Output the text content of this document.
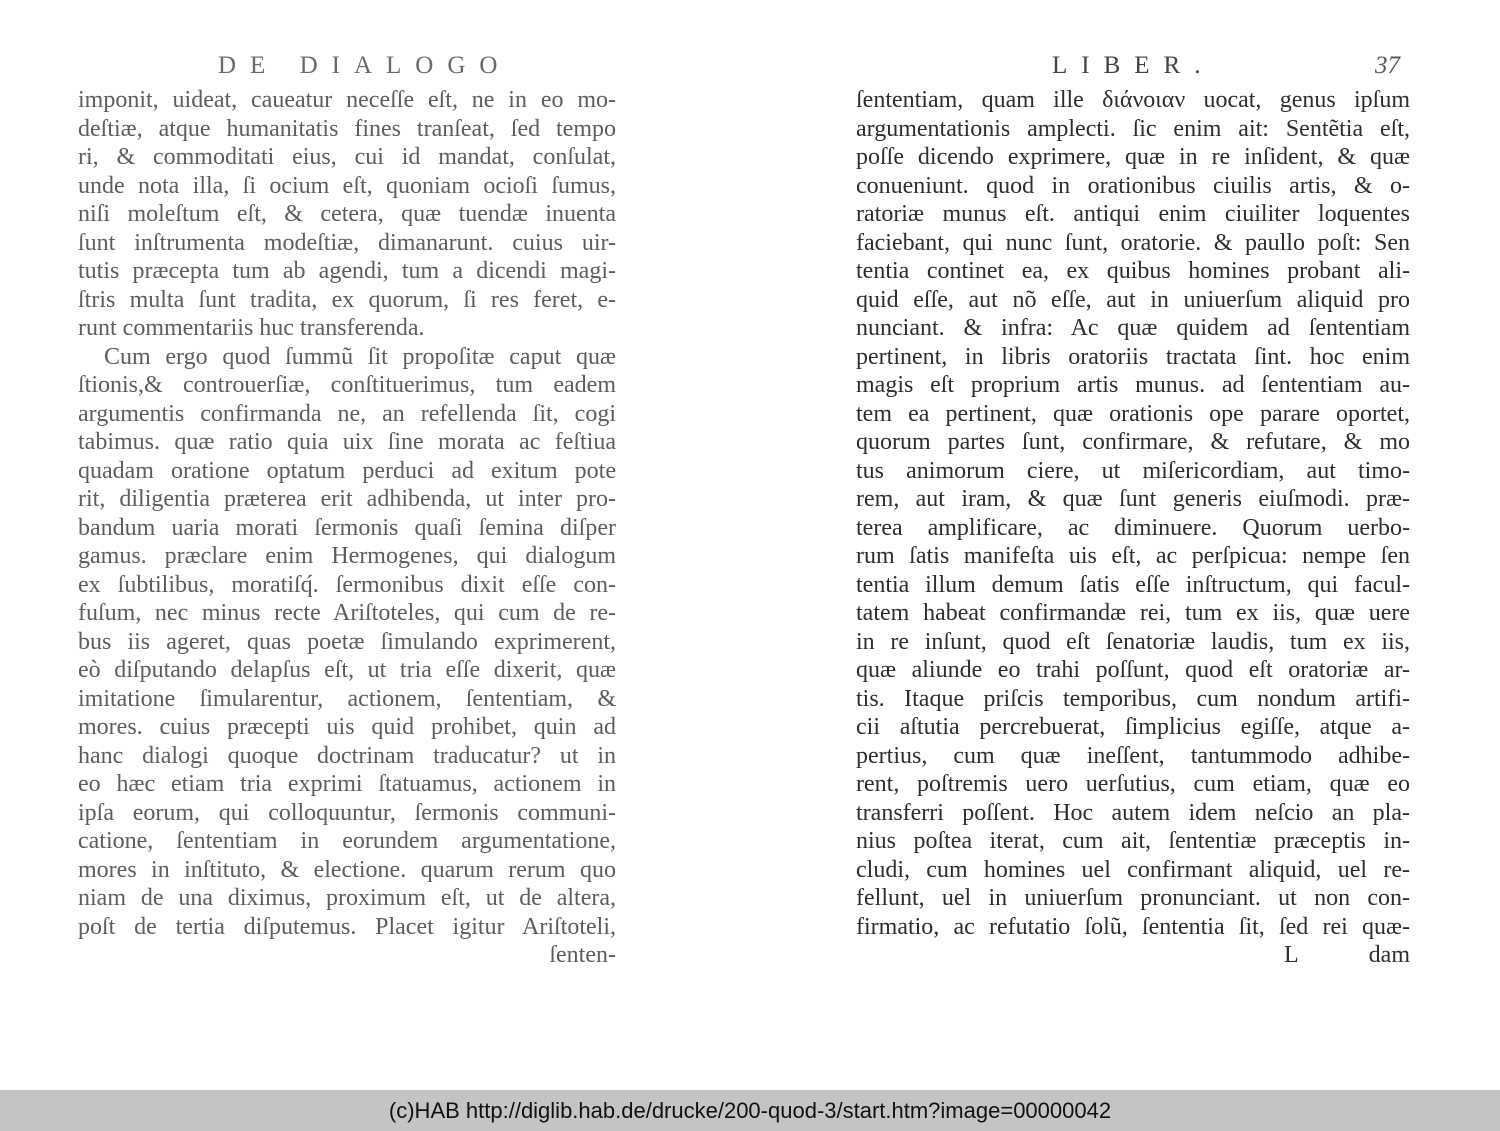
DE DIALOGO
imponit, uideat, caueatur neceſſe eſt, ne in eo mo-
deſtiæ, atque humanitatis fines tranſeat, ſed tempo
ri, & commoditati eius, cui id mandat, conſulat,
unde nota illa, ſi ocium eſt, quoniam ocioſi ſumus,
niſi moleſtum eſt, & cetera, quæ tuendæ inuenta
ſunt inſtrumenta modeſtiæ, dimanarunt. cuius uir-
tutis præcepta tum ab agendi, tum a dicendi magi-
ſtris multa ſunt tradita, ex quorum, ſi res feret, e-
runt commentariis huc transferenda.
Cum ergo quod ſummũ ſit propoſitæ caput quæ
ſtionis,& controuerſiæ, conſtituerimus, tum eadem
argumentis confirmanda ne, an refellenda ſit, cogi
tabimus. quæ ratio quia uix ſine morata ac feſtiua
quadam oratione optatum perduci ad exitum pote
rit, diligentia præterea erit adhibenda, ut inter pro-
bandum uaria morati ſermonis quaſi ſemina diſper
gamus. præclare enim Hermogenes, qui dialogum
ex ſubtilibus, moratiſq́. ſermonibus dixit eſſe con-
fuſum, nec minus recte Ariſtoteles, qui cum de re-
bus iis ageret, quas poetæ ſimulando exprimerent,
eò diſputando delapſus eſt, ut tria eſſe dixerit, quæ
imitatione ſimularentur, actionem, ſententiam, &
mores. cuius præcepti uis quid prohibet, quin ad
hanc dialogi quoque doctrinam traducatur? ut in
eo hæc etiam tria exprimi ſtatuamus, actionem in
ipſa eorum, qui colloquuntur, ſermonis communi-
catione, ſententiam in eorundem argumentatione,
mores in inſtituto, & electione. quarum rerum quo
niam de una diximus, proximum eſt, ut de altera,
poſt de tertia diſputemus. Placet igitur Ariſtoteli,
ſenten-
LIBER.	37
ſententiam, quam ille διάνοιαν uocat, genus ipſum
argumentationis amplecti. ſic enim ait: Sentẽtia eſt,
poſſe dicendo exprimere, quæ in re inſident, & quæ
conueniunt. quod in orationibus ciuilis artis, & o-
ratoriæ munus eſt. antiqui enim ciuiliter loquentes
faciebant, qui nunc ſunt, oratorie. & paullo poſt: Sen
tentia continet ea, ex quibus homines probant ali-
quid eſſe, aut nõ eſſe, aut in uniuerſum aliquid pro
nunciant. & infra: Ac quæ quidem ad ſententiam
pertinent, in libris oratoriis tractata ſint. hoc enim
magis eſt proprium artis munus. ad ſententiam au-
tem ea pertinent, quæ orationis ope parare oportet,
quorum partes ſunt, confirmare, & refutare, & mo
tus animorum ciere, ut miſericordiam, aut timo-
rem, aut iram, & quæ ſunt generis eiuſmodi. præ-
terea amplificare, ac diminuere. Quorum uerbo-
rum ſatis manifeſta uis eſt, ac perſpicua: nempe ſen
tentia illum demum ſatis eſſe inſtructum, qui facul-
tatem habeat confirmandæ rei, tum ex iis, quæ uere
in re inſunt, quod eſt ſenatoriæ laudis, tum ex iis,
quæ aliunde eo trahi poſſunt, quod eſt oratoriæ ar-
tis. Itaque priſcis temporibus, cum nondum artifi-
cii aſtutia percrebuerat, ſimplicius egiſſe, atque a-
pertius, cum quæ ineſſent, tantummodo adhibe-
rent, poſtremis uero uerſutius, cum etiam, quæ eo
transferri poſſent. Hoc autem idem neſcio an pla-
nius poſtea iterat, cum ait, ſententiæ præceptis in-
cludi, cum homines uel confirmant aliquid, uel re-
fellunt, uel in uniuerſum pronunciant. ut non con-
firmatio, ac refutatio ſolũ, ſententia ſit, ſed rei quæ-
L	dam
(c)HAB http://diglib.hab.de/drucke/200-quod-3/start.htm?image=00000042
